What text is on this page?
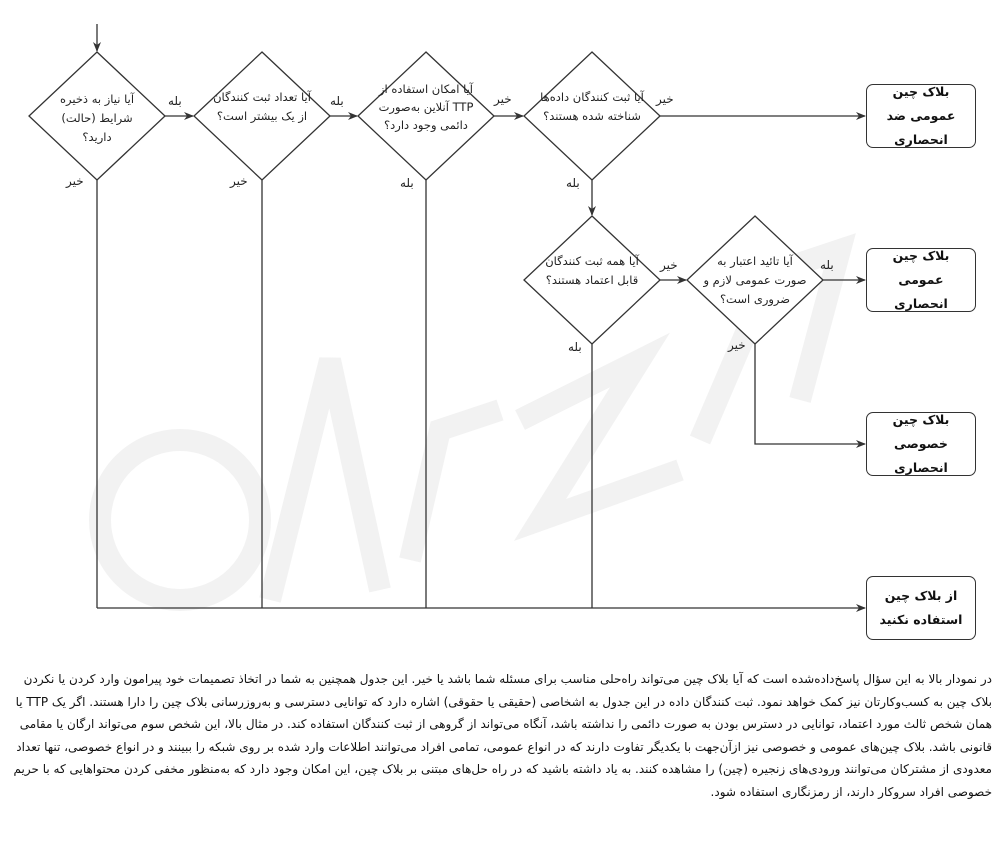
آیا نیاز به ذخیره شرایط (حالت) دارید؟
آیا تعداد ثبت کنندگان از یک بیشتر است؟
آیا امکان استفاده از TTP آنلاین به‌صورت دائمی وجود دارد؟
آیا ثبت کنندگان داده‌ها شناخته شده هستند؟
آیا همه ثبت کنندگان قابل اعتماد هستند؟
آیا تائید اعتبار به صورت عمومی لازم و ضروری است؟
بله
خیر
بله
خیر
خیر
بله
خیر
بله
خیر
بله
بله
خیر
بلاک چین عمومی ضد انحصاری
بلاک چین عمومی انحصاری
بلاک چین خصوصی انحصاری
از بلاک چین استفاده نکنید

در نمودار بالا به این سؤال پاسخ‌داده‌شده است که آیا بلاک چین می‌تواند راه‌حلی مناسب برای مسئله شما باشد یا خیر. این جدول همچنین به شما در اتخاذ تصمیمات خود پیرامون وارد کردن یا نکردن بلاک چین به کسب‌وکارتان نیز کمک خواهد نمود. ثبت کنندگان داده در این جدول به اشخاصی (حقیقی یا حقوقی) اشاره دارد که توانایی دسترسی و به‌روزرسانی بلاک چین را دارا هستند. اگر یک TTP یا همان شخص ثالث مورد اعتماد، توانایی در دسترس بودن به صورت دائمی را نداشته باشد، آنگاه می‌تواند از گروهی از ثبت کنندگان استفاده کند. در مثال بالا، این شخص سوم می‌تواند ارگان یا مقامی قانونی باشد. بلاک چین‌های عمومی و خصوصی نیز ازآن‌جهت با یکدیگر تفاوت دارند که در انواع عمومی، تمامی افراد می‌توانند اطلاعات وارد شده بر روی شبکه را ببینند و در انواع خصوصی، تنها تعداد معدودی از مشترکان می‌توانند ورودی‌های زنجیره (چین) را مشاهده کنند. به یاد داشته باشید که در راه حل‌های مبتنی بر بلاک چین، این امکان وجود دارد که به‌منظور مخفی کردن محتواهایی که با حریم خصوصی افراد سروکار دارند، از رمزنگاری استفاده شود.
